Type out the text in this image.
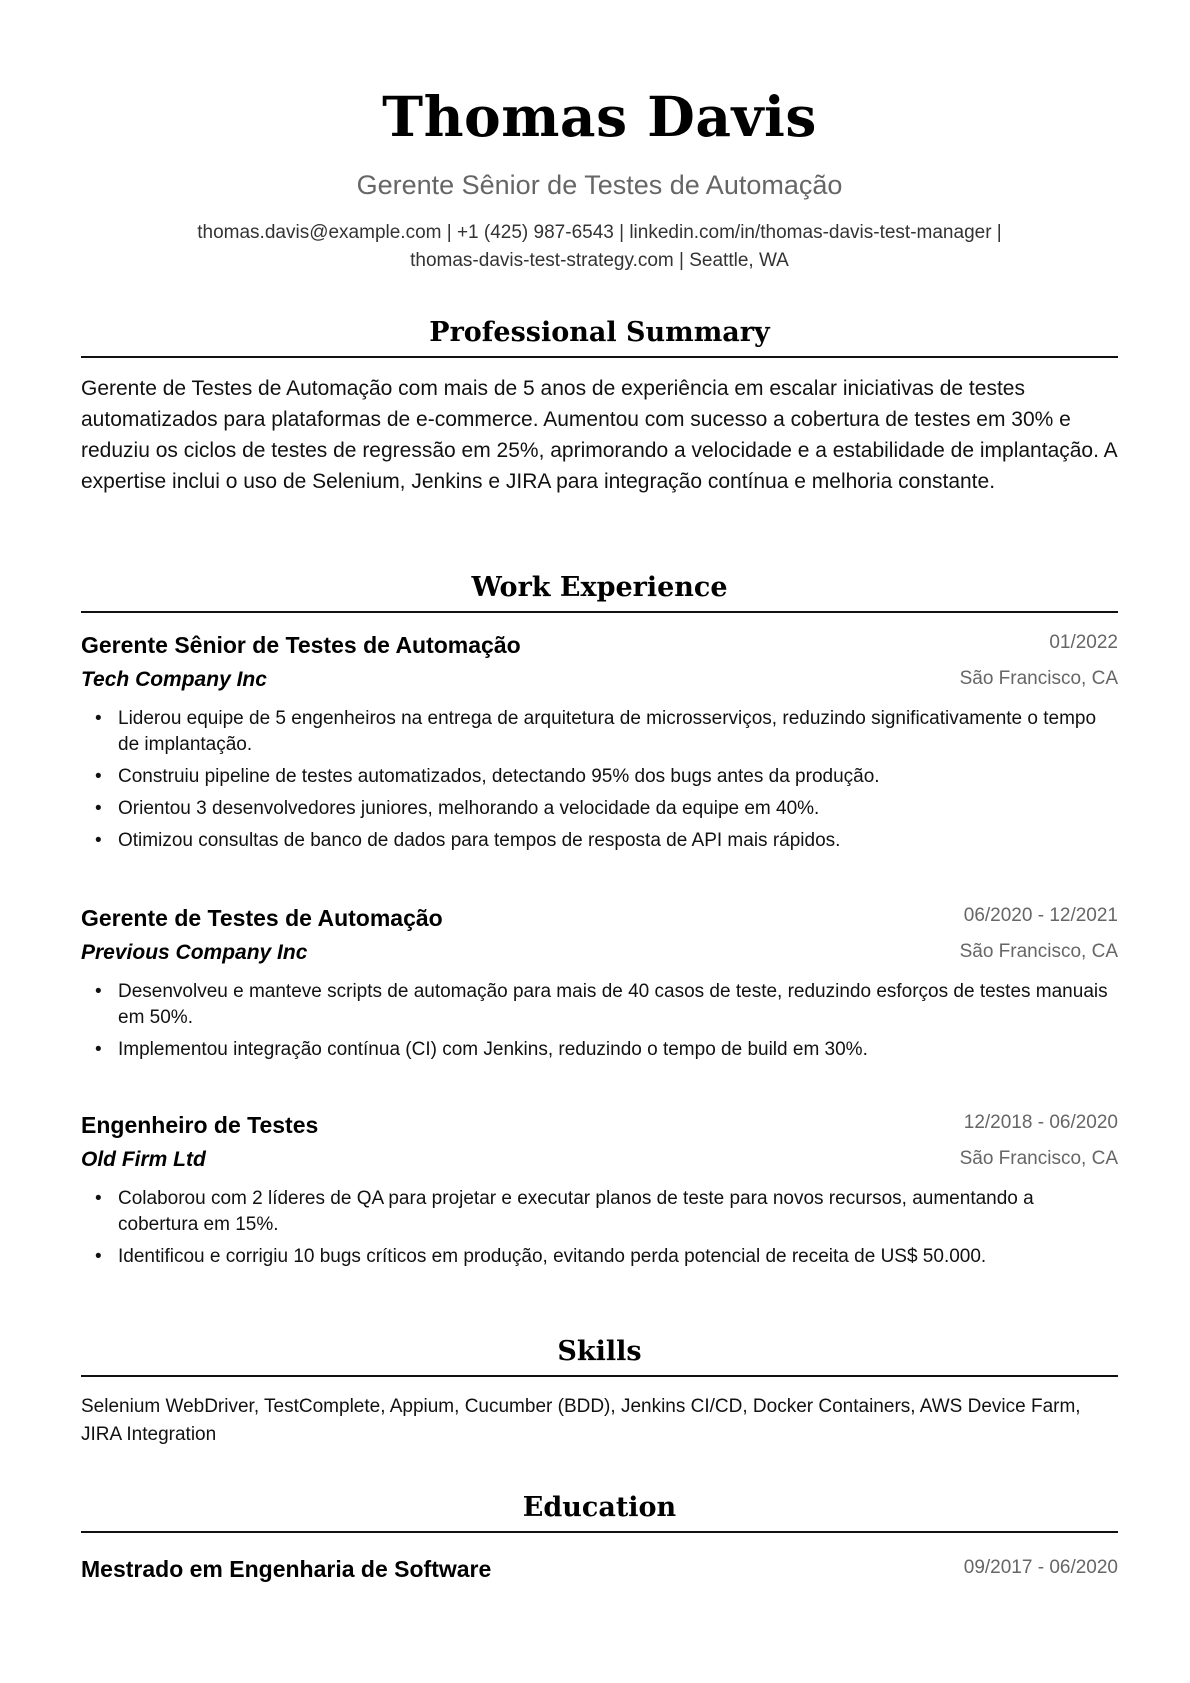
Thomas Davis
Gerente Sênior de Testes de Automação
thomas.davis@example.com | +1 (425) 987-6543 | linkedin.com/in/thomas-davis-test-manager |
thomas-davis-test-strategy.com | Seattle, WA
Professional Summary

Gerente de Testes de Automação com mais de 5 anos de experiência em escalar iniciativas de testes automatizados para plataformas de e-commerce. Aumentou com sucesso a cobertura de testes em 30% e reduziu os ciclos de testes de regressão em 25%, aprimorando a velocidade e a estabilidade de implantação. A expertise inclui o uso de Selenium, Jenkins e JIRA para integração contínua e melhoria constante.

Work Experience
Gerente Sênior de Testes de Automação	01/2022
Tech Company Inc	São Francisco, CA
• Liderou equipe de 5 engenheiros na entrega de arquitetura de microsserviços, reduzindo significativamente o tempo de implantação.
• Construiu pipeline de testes automatizados, detectando 95% dos bugs antes da produção.
• Orientou 3 desenvolvedores juniores, melhorando a velocidade da equipe em 40%.
• Otimizou consultas de banco de dados para tempos de resposta de API mais rápidos.
Gerente de Testes de Automação	06/2020 - 12/2021
Previous Company Inc	São Francisco, CA
• Desenvolveu e manteve scripts de automação para mais de 40 casos de teste, reduzindo esforços de testes manuais em 50%.
• Implementou integração contínua (CI) com Jenkins, reduzindo o tempo de build em 30%.
Engenheiro de Testes	12/2018 - 06/2020
Old Firm Ltd	São Francisco, CA
• Colaborou com 2 líderes de QA para projetar e executar planos de teste para novos recursos, aumentando a cobertura em 15%.
• Identificou e corrigiu 10 bugs críticos em produção, evitando perda potencial de receita de US$ 50.000.
Skills
Selenium WebDriver, TestComplete, Appium, Cucumber (BDD), Jenkins CI/CD, Docker Containers, AWS Device Farm, JIRA Integration
Education
Mestrado em Engenharia de Software	09/2017 - 06/2020
